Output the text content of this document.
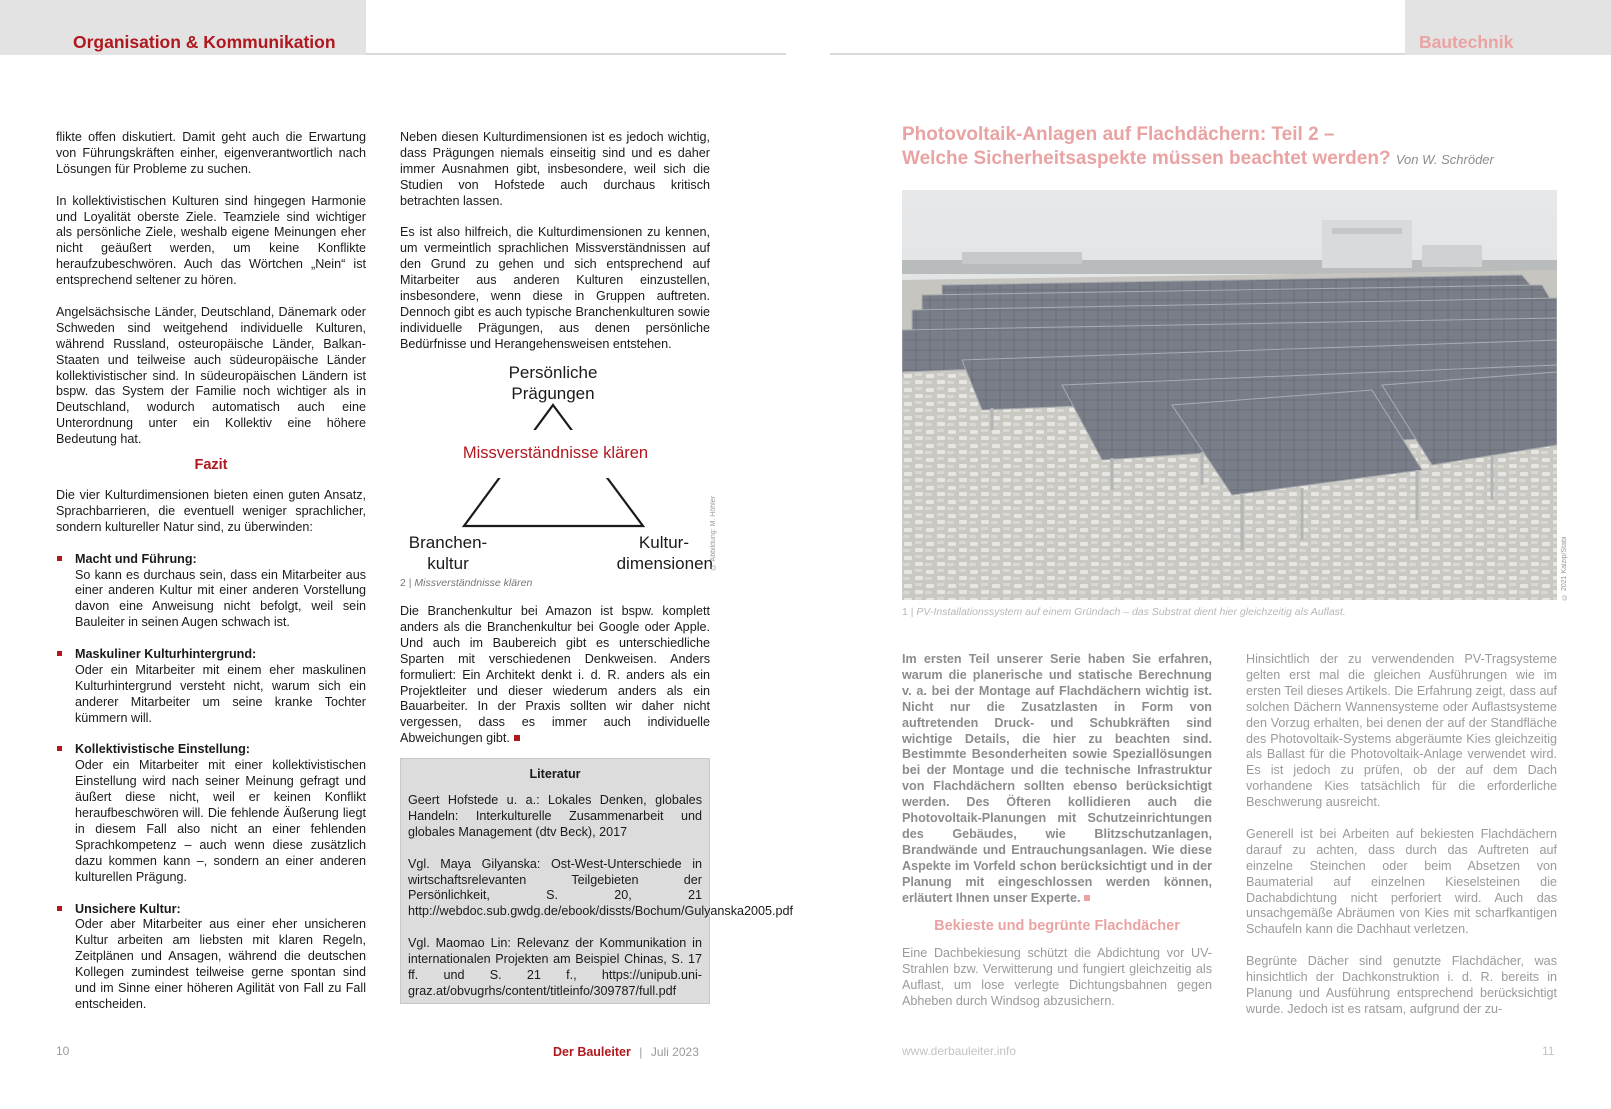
Organisation & Kommunikation	Bautechnik

flikte offen diskutiert. Damit geht auch die Erwartung von Führungskräften einher, eigenverantwortlich nach Lösungen für Probleme zu suchen.

In kollektivistischen Kulturen sind hingegen Harmonie und Loyalität oberste Ziele. Teamziele sind wichtiger als persönliche Ziele, weshalb eigene Meinungen eher nicht geäußert werden, um keine Konflikte heraufzubeschwören. Auch das Wörtchen „Nein“ ist entsprechend seltener zu hören.

Angelsächsische Länder, Deutschland, Dänemark oder Schweden sind weitgehend individuelle Kulturen, während Russland, osteuropäische Länder, Balkan-Staaten und teilweise auch südeuropäische Länder kollektivistischer sind. In südeuropäischen Ländern ist bspw. das System der Familie noch wichtiger als in Deutschland, wodurch automatisch auch eine Unterordnung unter ein Kollektiv eine höhere Bedeutung hat.

Fazit

Die vier Kulturdimensionen bieten einen guten Ansatz, Sprachbarrieren, die eventuell weniger sprachlicher, sondern kultureller Natur sind, zu überwinden:

Macht und Führung:
So kann es durchaus sein, dass ein Mitarbeiter aus einer anderen Kultur mit einer anderen Vorstellung davon eine Anweisung nicht befolgt, weil sein Bauleiter in seinen Augen schwach ist.
Maskuliner Kulturhintergrund:
Oder ein Mitarbeiter mit einem eher maskulinen Kulturhintergrund versteht nicht, warum sich ein anderer Mitarbeiter um seine kranke Tochter kümmern will.
Kollektivistische Einstellung:
Oder ein Mitarbeiter mit einer kollektivistischen Einstellung wird nach seiner Meinung gefragt und äußert diese nicht, weil er keinen Konflikt heraufbeschwören will. Die fehlende Äußerung liegt in diesem Fall also nicht an einer fehlenden Sprachkompetenz – auch wenn diese zusätzlich dazu kommen kann –, sondern an einer anderen kulturellen Prägung.
Unsichere Kultur:
Oder aber Mitarbeiter aus einer eher unsicheren Kultur arbeiten am liebsten mit klaren Regeln, Zeitplänen und Ansagen, während die deutschen Kollegen zumindest teilweise gerne spontan sind und im Sinne einer höheren Agilität von Fall zu Fall entscheiden.

Neben diesen Kulturdimensionen ist es jedoch wichtig, dass Prägungen niemals einseitig sind und es daher immer Ausnahmen gibt, insbesondere, weil sich die Studien von Hofstede auch durchaus kritisch betrachten lassen.

Es ist also hilfreich, die Kulturdimensionen zu kennen, um vermeintlich sprachlichen Missverständnissen auf den Grund zu gehen und sich entsprechend auf Mitarbeiter aus anderen Kulturen einzustellen, insbesondere, wenn diese in Gruppen auftreten. Dennoch gibt es auch typische Branchenkulturen sowie individuelle Prägungen, aus denen persönliche Bedürfnisse und Herangehensweisen entstehen.

Persönliche
Prägungen
Missverständnisse klären
Branchen-
kultur
Kultur-
dimensionen
© Abbildung: M. Höhler
2 | Missverständnisse klären

Die Branchenkultur bei Amazon ist bspw. komplett anders als die Branchenkultur bei Google oder Apple. Und auch im Baubereich gibt es unterschiedliche Sparten mit verschiedenen Denkweisen. Anders formuliert: Ein Architekt denkt i. d. R. anders als ein Projektleiter und dieser wiederum anders als ein Bauarbeiter. In der Praxis sollten wir daher nicht vergessen, dass es immer auch individuelle Abweichungen gibt.

Literatur
Geert Hofstede u. a.: Lokales Denken, globales Handeln: Interkulturelle Zusammenarbeit und globales Management (dtv Beck), 2017
Vgl. Maya Gilyanska: Ost-West-Unterschiede in wirtschaftsrelevanten Teilgebieten der Persönlichkeit, S. 20, 21 http://webdoc.sub.gwdg.de/ebook/dissts/Bochum/Gulyanska2005.pdf
Vgl. Maomao Lin: Relevanz der Kommunikation in internationalen Projekten am Beispiel Chinas, S. 17 ff. und S. 21 f., https://unipub.uni-graz.at/obvugrhs/content/titleinfo/309787/full.pdf
10	Der Bauleiter | Juli 2023
Photovoltaik-Anlagen auf Flachdächern: Teil 2 –
Welche Sicherheitsaspekte müssen beachtet werden? Von W. Schröder
© 2021 Kalzip/Stabi
1 | PV-Installationssystem auf einem Gründach – das Substrat dient hier gleichzeitig als Auflast.

Im ersten Teil unserer Serie haben Sie erfahren, warum die planerische und statische Berechnung v. a. bei der Montage auf Flachdächern wichtig ist. Nicht nur die Zusatzlasten in Form von auftretenden Druck- und Schubkräften sind wichtige Details, die hier zu beachten sind. Bestimmte Besonderheiten sowie Speziallösungen bei der Montage und die technische Infrastruktur von Flachdächern sollten ebenso berücksichtigt werden. Des Öfteren kollidieren auch die Photovoltaik-Planungen mit Schutzeinrichtungen des Gebäudes, wie Blitzschutzanlagen, Brandwände und Entrauchungsanlagen. Wie diese Aspekte im Vorfeld schon berücksichtigt und in der Planung mit eingeschlossen werden können, erläutert Ihnen unser Experte.

Bekieste und begrünte Flachdächer

Eine Dachbekiesung schützt die Abdichtung vor UV-Strahlen bzw. Verwitterung und fungiert gleichzeitig als Auflast, um lose verlegte Dichtungsbahnen gegen Abheben durch Windsog abzusichern.

Hinsichtlich der zu verwendenden PV-Tragsysteme gelten erst mal die gleichen Ausführungen wie im ersten Teil dieses Artikels. Die Erfahrung zeigt, dass auf solchen Dächern Wannensysteme oder Auflastsysteme den Vorzug erhalten, bei denen der auf der Standfläche des Photovoltaik-Systems abgeräumte Kies gleichzeitig als Ballast für die Photovoltaik-Anlage verwendet wird. Es ist jedoch zu prüfen, ob der auf dem Dach vorhandene Kies tatsächlich für die erforderliche Beschwerung ausreicht.

Generell ist bei Arbeiten auf bekiesten Flachdächern darauf zu achten, dass durch das Auftreten auf einzelne Steinchen oder beim Absetzen von Baumaterial auf einzelnen Kieselsteinen die Dachabdichtung nicht perforiert wird. Auch das unsachgemäße Abräumen von Kies mit scharfkantigen Schaufeln kann die Dachhaut verletzen.

Begrünte Dächer sind genutzte Flachdächer, was hinsichtlich der Dachkonstruktion i. d. R. bereits in Planung und Ausführung entsprechend berücksichtigt wurde. Jedoch ist es ratsam, aufgrund der zu-

www.derbauleiter.info	11
